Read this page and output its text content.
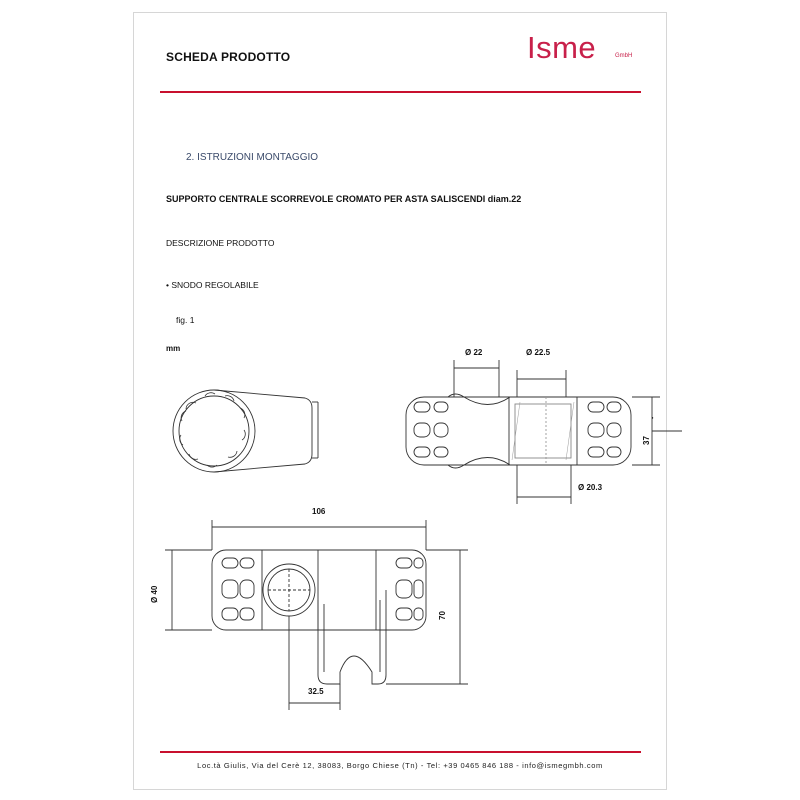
SCHEDA PRODOTTO	Isme	GmbH
2. ISTRUZIONI MONTAGGIO
SUPPORTO CENTRALE SCORREVOLE CROMATO PER ASTA SALISCENDI diam.22
DESCRIZIONE PRODOTTO
• SNODO REGOLABILE
fig. 1
mm	Ø 22	Ø 22.5
Ø 20.3
37
'
106
Ø 40
70
32.5
Loc.tà Giulis, Via del Cerè 12, 38083, Borgo Chiese (Tn) - Tel: +39 0465 846 188 - info@ismegmbh.com
